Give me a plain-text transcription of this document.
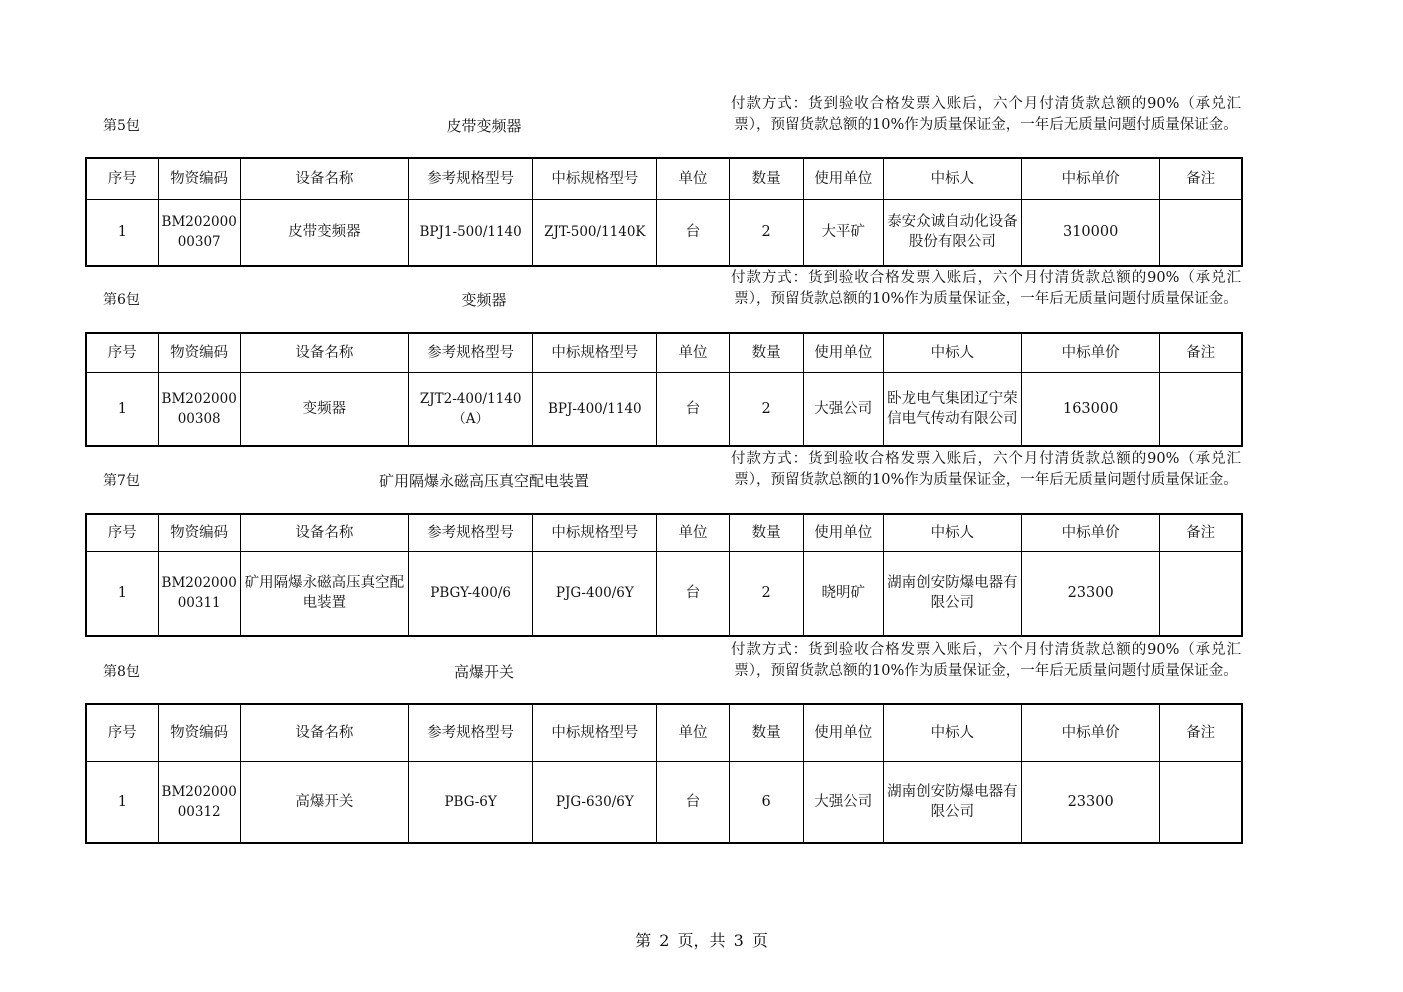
第5包	皮带变频器
付款方式：货到验收合格发票入账后，六个月付清货款总额的90%（承兑汇票），预留货款总额的10%作为质量保证金，一年后无质量问题付质量保证金。
序号	物资编码	设备名称	参考规格型号	中标规格型号	单位	数量	使用单位	中标人	中标单价	备注
1	BM20200000307	皮带变频器	BPJ1-500/1140	ZJT-500/1140K	台	2	大平矿	泰安众诚自动化设备股份有限公司	310000	
第6包	变频器
付款方式：货到验收合格发票入账后，六个月付清货款总额的90%（承兑汇票），预留货款总额的10%作为质量保证金，一年后无质量问题付质量保证金。
序号	物资编码	设备名称	参考规格型号	中标规格型号	单位	数量	使用单位	中标人	中标单价	备注
1	BM20200000308	变频器	ZJT2-400/1140（A）	BPJ-400/1140	台	2	大强公司	卧龙电气集团辽宁荣信电气传动有限公司	163000	
第7包	矿用隔爆永磁高压真空配电装置
付款方式：货到验收合格发票入账后，六个月付清货款总额的90%（承兑汇票），预留货款总额的10%作为质量保证金，一年后无质量问题付质量保证金。
序号	物资编码	设备名称	参考规格型号	中标规格型号	单位	数量	使用单位	中标人	中标单价	备注
1	BM20200000311	矿用隔爆永磁高压真空配电装置	PBGY-400/6	PJG-400/6Y	台	2	晓明矿	湖南创安防爆电器有限公司	23300	
第8包	高爆开关
付款方式：货到验收合格发票入账后，六个月付清货款总额的90%（承兑汇票），预留货款总额的10%作为质量保证金，一年后无质量问题付质量保证金。
序号	物资编码	设备名称	参考规格型号	中标规格型号	单位	数量	使用单位	中标人	中标单价	备注
1	BM20200000312	高爆开关	PBG-6Y	PJG-630/6Y	台	6	大强公司	湖南创安防爆电器有限公司	23300	
第 2 页，共 3 页
